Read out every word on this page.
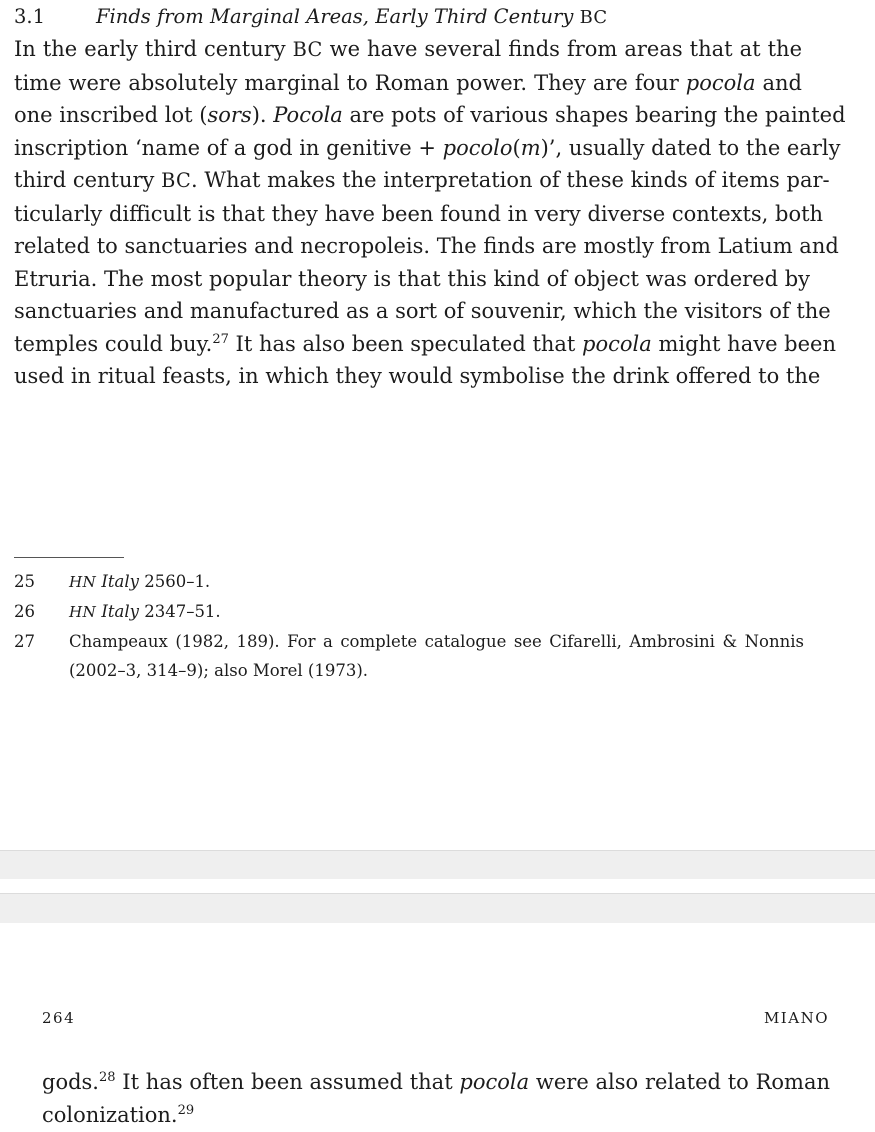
3.1	Finds from Marginal Areas, Early Third Century BC
In the early third century BC we have several finds from areas that at the
time were absolutely marginal to Roman power. They are four pocola and
one inscribed lot (sors). Pocola are pots of various shapes bearing the painted
inscription ‘name of a god in genitive + pocolo(m)’, usually dated to the early
third century BC. What makes the interpretation of these kinds of items par-
ticularly difficult is that they have been found in very diverse contexts, both
related to sanctuaries and necropoleis. The finds are mostly from Latium and
Etruria. The most popular theory is that this kind of object was ordered by
sanctuaries and manufactured as a sort of souvenir, which the visitors of the
temples could buy.$^{27}$ It has also been speculated that pocola might have been
used in ritual feasts, in which they would symbolise the drink offered to the
25	HN Italy 2560–1.
26	HN Italy 2347–51.
27	Champeaux (1982, 189). For a complete catalogue see Cifarelli, Ambrosini & Nonnis
(2002–3, 314–9); also Morel (1973).
264	MIANO
gods.$^{28}$ It has often been assumed that pocola were also related to Roman
colonization.$^{29}$
